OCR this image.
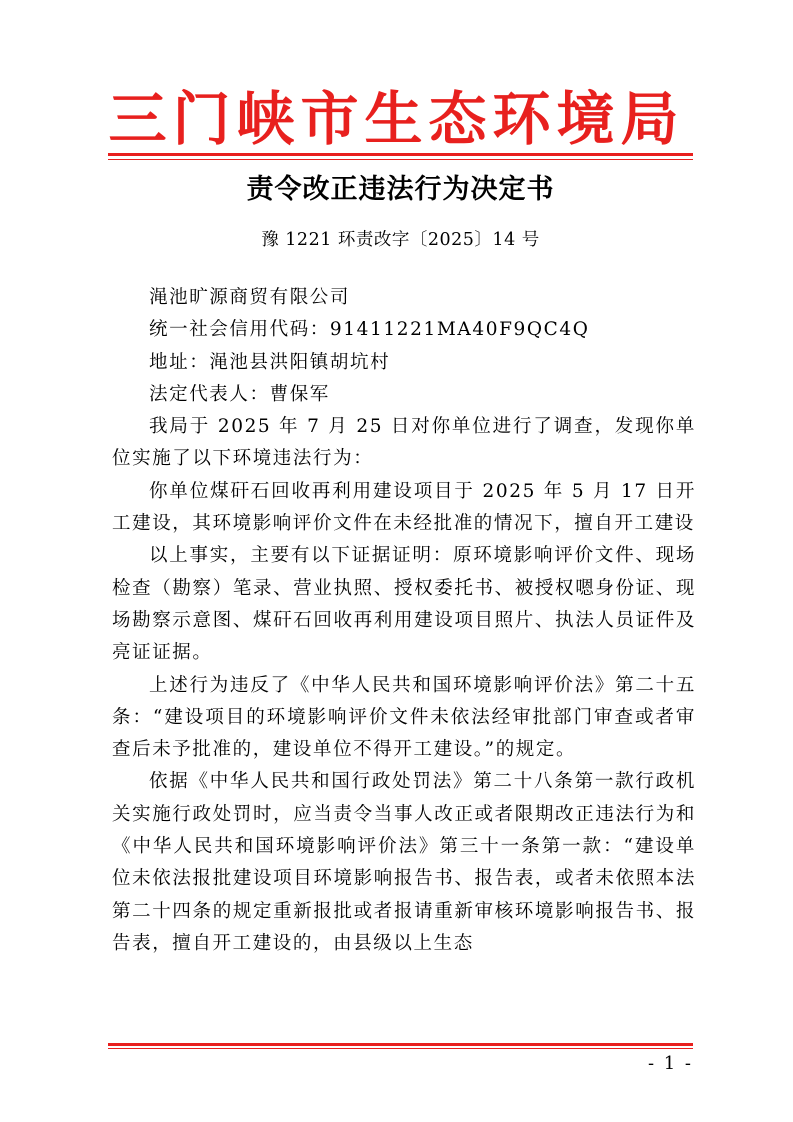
三门峡市生态环境局
责令改正违法行为决定书
豫 1221 环责改字〔2025〕14 号

渑池旷源商贸有限公司

统一社会信用代码：91411221MA40F9QC4Q

地址：渑池县洪阳镇胡坑村

法定代表人：曹保军

我局于 2025 年 7 月 25 日对你单位进行了调查，发现你单位实施了以下环境违法行为：

你单位煤矸石回收再利用建设项目于 2025 年 5 月 17 日开工建设，其环境影响评价文件在未经批准的情况下，擅自开工建设

以上事实，主要有以下证据证明：原环境影响评价文件、现场检查（勘察）笔录、营业执照、授权委托书、被授权嗯身份证、现场勘察示意图、煤矸石回收再利用建设项目照片、执法人员证件及亮证证据。

上述行为违反了《中华人民共和国环境影响评价法》第二十五条：“建设项目的环境影响评价文件未依法经审批部门审查或者审查后未予批准的，建设单位不得开工建设。”的规定。

依据《中华人民共和国行政处罚法》第二十八条第一款行政机关实施行政处罚时，应当责令当事人改正或者限期改正违法行为和《中华人民共和国环境影响评价法》第三十一条第一款：“建设单位未依法报批建设项目环境影响报告书、报告表，或者未依照本法第二十四条的规定重新报批或者报请重新审核环境影响报告书、报告表，擅自开工建设的，由县级以上生态

- 1 -
